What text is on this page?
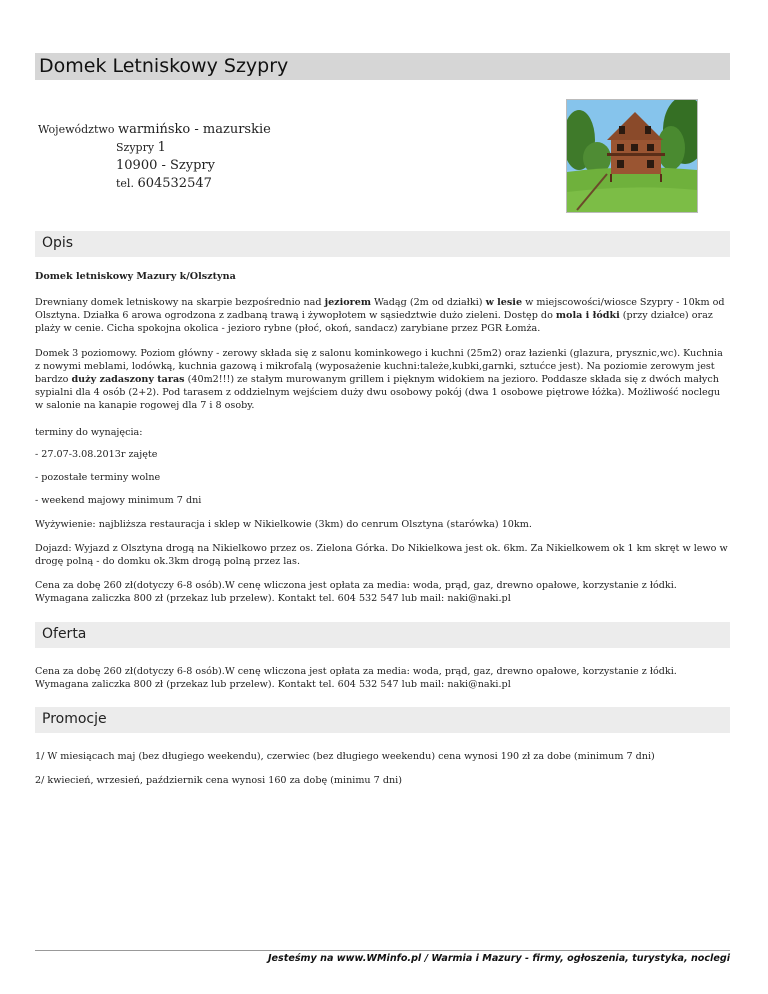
Domek Letniskowy Szypry
Województwo warmińsko - mazurskie
Szypry 1
10900 - Szypry
tel. 604532547
Opis

Domek letniskowy Mazury k/Olsztyna

Drewniany domek letniskowy na skarpie bezpośrednio nad jeziorem Wadąg (2m od działki) w lesie w miejscowości/wiosce Szypry - 10km od Olsztyna. Działka 6 arowa ogrodzona z zadbaną trawą i żywopłotem w sąsiedztwie dużo zieleni. Dostęp do mola i łódki (przy działce) oraz plaży w cenie. Cicha spokojna okolica - jezioro rybne (płoć, okoń, sandacz) zarybiane przez PGR Łomża.

Domek 3 poziomowy. Poziom główny - zerowy składa się z salonu kominkowego i kuchni (25m2) oraz łazienki (glazura, prysznic,wc). Kuchnia z nowymi meblami, lodówką, kuchnia gazową i mikrofalą (wyposażenie kuchni:tależe,kubki,garnki, sztućce jest). Na poziomie zerowym jest bardzo duży zadaszony taras (40m2!!!) ze stałym murowanym grillem i pięknym widokiem na jezioro. Poddasze składa się z dwóch małych sypialni dla 4 osób (2+2). Pod tarasem z oddzielnym wejściem duży dwu osobowy pokój (dwa 1 osobowe piętrowe łóżka). Możliwość noclegu w salonie na kanapie rogowej dla 7 i 8 osoby.

terminy do wynajęcia:

- 27.07-3.08.2013r zajęte

- pozostałe terminy wolne

- weekend majowy minimum 7 dni

Wyżywienie: najbliższa restauracja i sklep w Nikielkowie (3km) do cenrum Olsztyna (starówka) 10km.

Dojazd: Wyjazd z Olsztyna drogą na Nikielkowo przez os. Zielona Górka. Do Nikielkowa jest ok. 6km. Za Nikielkowem ok 1 km skręt w lewo w drogę polną - do domku ok.3km drogą polną przez las.

Cena za dobę 260 zł(dotyczy 6-8 osób).W cenę wliczona jest opłata za media: woda, prąd, gaz, drewno opałowe, korzystanie z łódki. Wymagana zaliczka 800 zł (przekaz lub przelew). Kontakt tel. 604 532 547 lub mail: naki@naki.pl

Oferta

Cena za dobę 260 zł(dotyczy 6-8 osób).W cenę wliczona jest opłata za media: woda, prąd, gaz, drewno opałowe, korzystanie z łódki. Wymagana zaliczka 800 zł (przekaz lub przelew). Kontakt tel. 604 532 547 lub mail: naki@naki.pl

Promocje

1/ W miesiącach maj (bez długiego weekendu), czerwiec (bez długiego weekendu) cena wynosi 190 zł za dobe (minimum 7 dni)

2/ kwiecień, wrzesień, październik cena wynosi 160 za dobę (minimu 7 dni)

Jesteśmy na www.WMinfo.pl / Warmia i Mazury - firmy, ogłoszenia, turystyka, noclegi
